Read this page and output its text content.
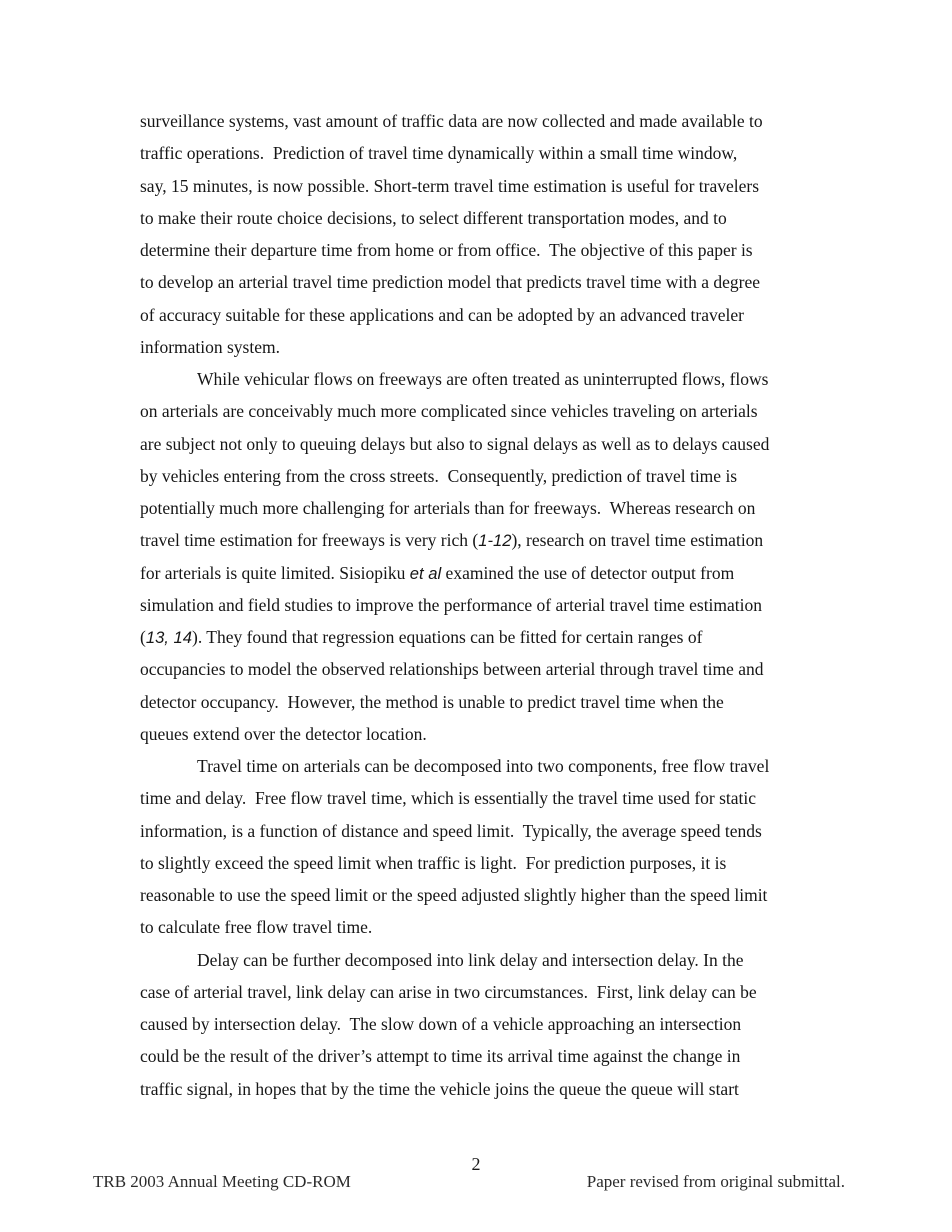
surveillance systems, vast amount of traffic data are now collected and made available to
traffic operations.  Prediction of travel time dynamically within a small time window,
say, 15 minutes, is now possible. Short-term travel time estimation is useful for travelers
to make their route choice decisions, to select different transportation modes, and to
determine their departure time from home or from office.  The objective of this paper is
to develop an arterial travel time prediction model that predicts travel time with a degree
of accuracy suitable for these applications and can be adopted by an advanced traveler
information system.
While vehicular flows on freeways are often treated as uninterrupted flows, flows
on arterials are conceivably much more complicated since vehicles traveling on arterials
are subject not only to queuing delays but also to signal delays as well as to delays caused
by vehicles entering from the cross streets.  Consequently, prediction of travel time is
potentially much more challenging for arterials than for freeways.  Whereas research on
travel time estimation for freeways is very rich (1-12), research on travel time estimation
for arterials is quite limited. Sisiopiku et al examined the use of detector output from
simulation and field studies to improve the performance of arterial travel time estimation
(13, 14). They found that regression equations can be fitted for certain ranges of
occupancies to model the observed relationships between arterial through travel time and
detector occupancy.  However, the method is unable to predict travel time when the
queues extend over the detector location.
Travel time on arterials can be decomposed into two components, free flow travel
time and delay.  Free flow travel time, which is essentially the travel time used for static
information, is a function of distance and speed limit.  Typically, the average speed tends
to slightly exceed the speed limit when traffic is light.  For prediction purposes, it is
reasonable to use the speed limit or the speed adjusted slightly higher than the speed limit
to calculate free flow travel time.
Delay can be further decomposed into link delay and intersection delay. In the
case of arterial travel, link delay can arise in two circumstances.  First, link delay can be
caused by intersection delay.  The slow down of a vehicle approaching an intersection
could be the result of the driver’s attempt to time its arrival time against the change in
traffic signal, in hopes that by the time the vehicle joins the queue the queue will start
2
TRB 2003 Annual Meeting CD-ROM	Paper revised from original submittal.
